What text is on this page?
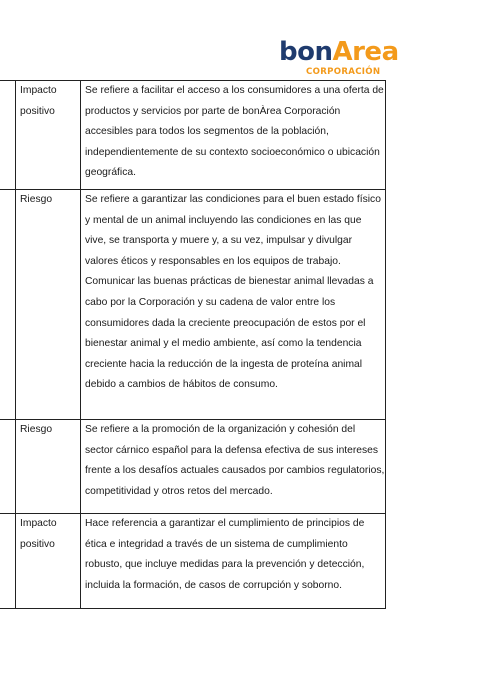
bonArea
CORPORACIÓN

	Impacto positivo	Se refiere a facilitar el acceso a los consumidores a una oferta de productos y servicios por parte de bonÀrea Corporación accesibles para todos los segmentos de la población, independientemente de su contexto socioeconómico o ubicación geográfica.

	Riesgo	Se refiere a garantizar las condiciones para el buen estado físico y mental de un animal incluyendo las condiciones en las que vive, se transporta y muere y, a su vez, impulsar y divulgar valores éticos y responsables en los equipos de trabajo. Comunicar las buenas prácticas de bienestar animal llevadas a cabo por la Corporación y su cadena de valor entre los consumidores dada la creciente preocupación de estos por el bienestar animal y el medio ambiente, así como la tendencia creciente hacia la reducción de la ingesta de proteína animal debido a cambios de hábitos de consumo.

	Riesgo	Se refiere a la promoción de la organización y cohesión del sector cárnico español para la defensa efectiva de sus intereses frente a los desafíos actuales causados por cambios regulatorios, competitividad y otros retos del mercado.

	Impacto positivo	Hace referencia a garantizar el cumplimiento de principios de ética e integridad a través de un sistema de cumplimiento robusto, que incluye medidas para la prevención y detección, incluida la formación, de casos de corrupción y soborno.
